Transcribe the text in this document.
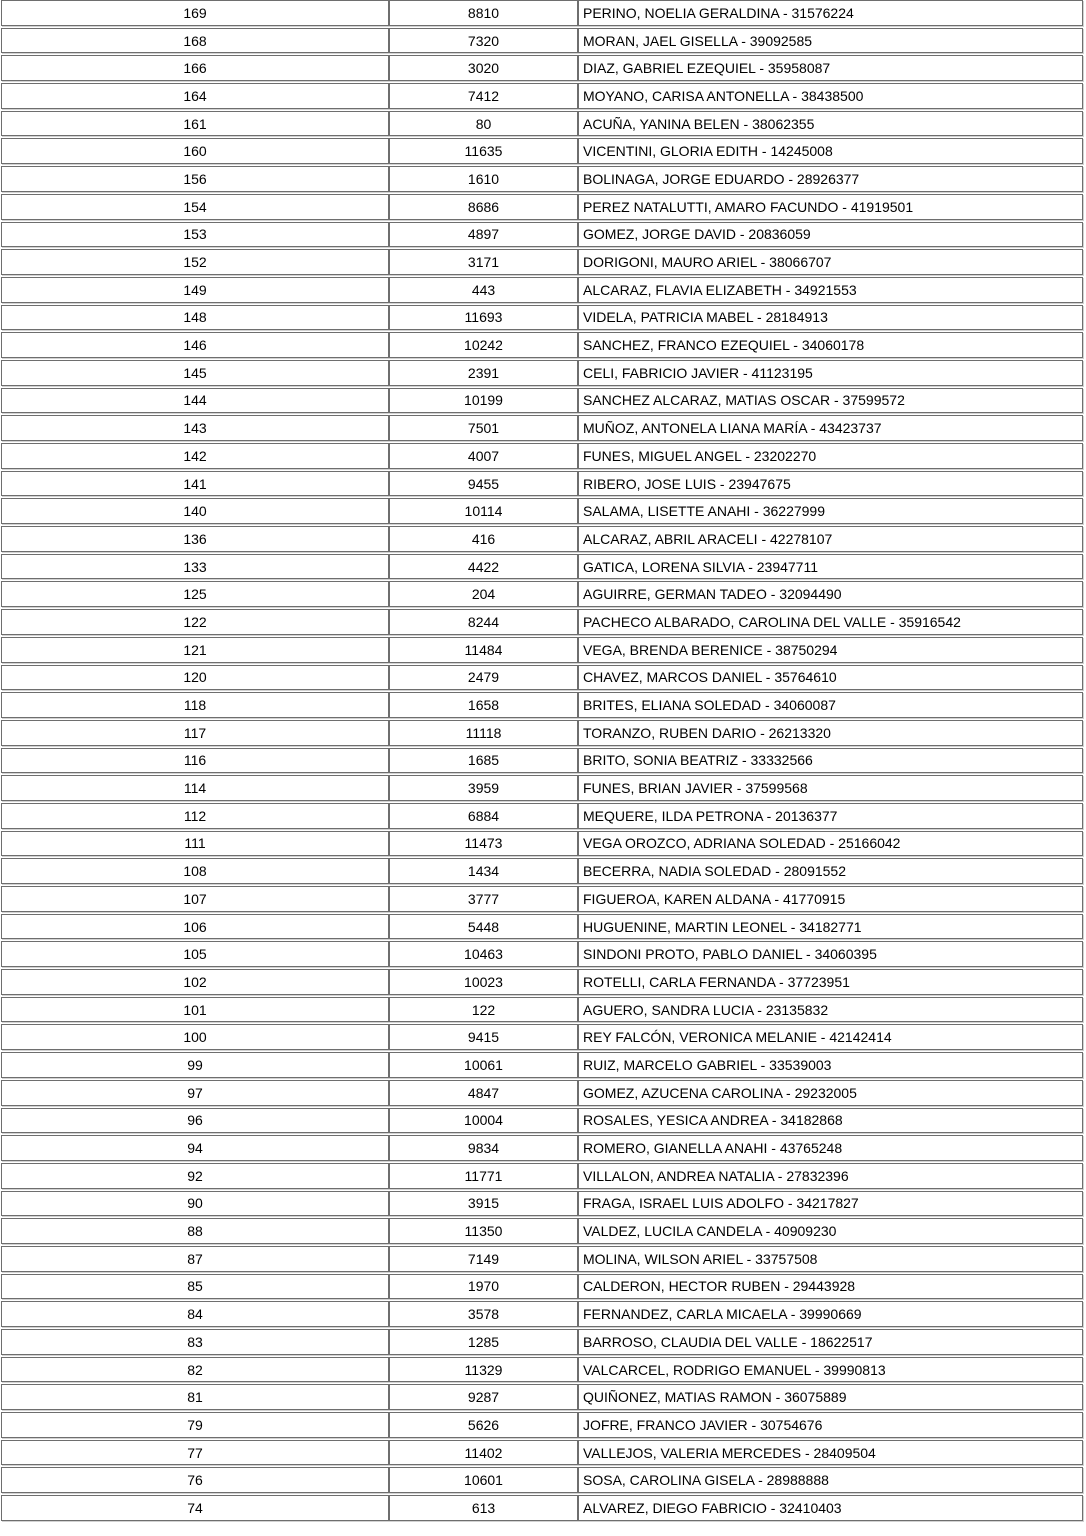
169	8810	PERINO, NOELIA GERALDINA - 31576224
168	7320	MORAN, JAEL GISELLA - 39092585
166	3020	DIAZ, GABRIEL EZEQUIEL - 35958087
164	7412	MOYANO, CARISA ANTONELLA - 38438500
161	80	ACUÑA, YANINA BELEN - 38062355
160	11635	VICENTINI, GLORIA EDITH - 14245008
156	1610	BOLINAGA, JORGE EDUARDO - 28926377
154	8686	PEREZ NATALUTTI, AMARO FACUNDO - 41919501
153	4897	GOMEZ, JORGE DAVID - 20836059
152	3171	DORIGONI, MAURO ARIEL - 38066707
149	443	ALCARAZ, FLAVIA ELIZABETH - 34921553
148	11693	VIDELA, PATRICIA MABEL - 28184913
146	10242	SANCHEZ, FRANCO EZEQUIEL - 34060178
145	2391	CELI, FABRICIO JAVIER - 41123195
144	10199	SANCHEZ ALCARAZ, MATIAS OSCAR - 37599572
143	7501	MUÑOZ, ANTONELA LIANA MARÍA - 43423737
142	4007	FUNES, MIGUEL ANGEL - 23202270
141	9455	RIBERO, JOSE LUIS - 23947675
140	10114	SALAMA, LISETTE ANAHI - 36227999
136	416	ALCARAZ, ABRIL ARACELI - 42278107
133	4422	GATICA, LORENA SILVIA - 23947711
125	204	AGUIRRE, GERMAN TADEO - 32094490
122	8244	PACHECO ALBARADO, CAROLINA DEL VALLE - 35916542
121	11484	VEGA, BRENDA BERENICE - 38750294
120	2479	CHAVEZ, MARCOS DANIEL - 35764610
118	1658	BRITES, ELIANA SOLEDAD - 34060087
117	11118	TORANZO, RUBEN DARIO - 26213320
116	1685	BRITO, SONIA BEATRIZ - 33332566
114	3959	FUNES, BRIAN JAVIER - 37599568
112	6884	MEQUERE, ILDA PETRONA - 20136377
111	11473	VEGA OROZCO, ADRIANA SOLEDAD - 25166042
108	1434	BECERRA, NADIA SOLEDAD - 28091552
107	3777	FIGUEROA, KAREN ALDANA - 41770915
106	5448	HUGUENINE, MARTIN LEONEL - 34182771
105	10463	SINDONI PROTO, PABLO DANIEL - 34060395
102	10023	ROTELLI, CARLA FERNANDA - 37723951
101	122	AGUERO, SANDRA LUCIA - 23135832
100	9415	REY FALCÓN, VERONICA MELANIE - 42142414
99	10061	RUIZ, MARCELO GABRIEL - 33539003
97	4847	GOMEZ, AZUCENA CAROLINA - 29232005
96	10004	ROSALES, YESICA ANDREA - 34182868
94	9834	ROMERO, GIANELLA ANAHI - 43765248
92	11771	VILLALON, ANDREA NATALIA - 27832396
90	3915	FRAGA, ISRAEL LUIS ADOLFO - 34217827
88	11350	VALDEZ, LUCILA CANDELA - 40909230
87	7149	MOLINA, WILSON ARIEL - 33757508
85	1970	CALDERON, HECTOR RUBEN - 29443928
84	3578	FERNANDEZ, CARLA MICAELA - 39990669
83	1285	BARROSO, CLAUDIA DEL VALLE - 18622517
82	11329	VALCARCEL, RODRIGO EMANUEL - 39990813
81	9287	QUIÑONEZ, MATIAS RAMON - 36075889
79	5626	JOFRE, FRANCO JAVIER - 30754676
77	11402	VALLEJOS, VALERIA MERCEDES - 28409504
76	10601	SOSA, CAROLINA GISELA - 28988888
74	613	ALVAREZ, DIEGO FABRICIO - 32410403
